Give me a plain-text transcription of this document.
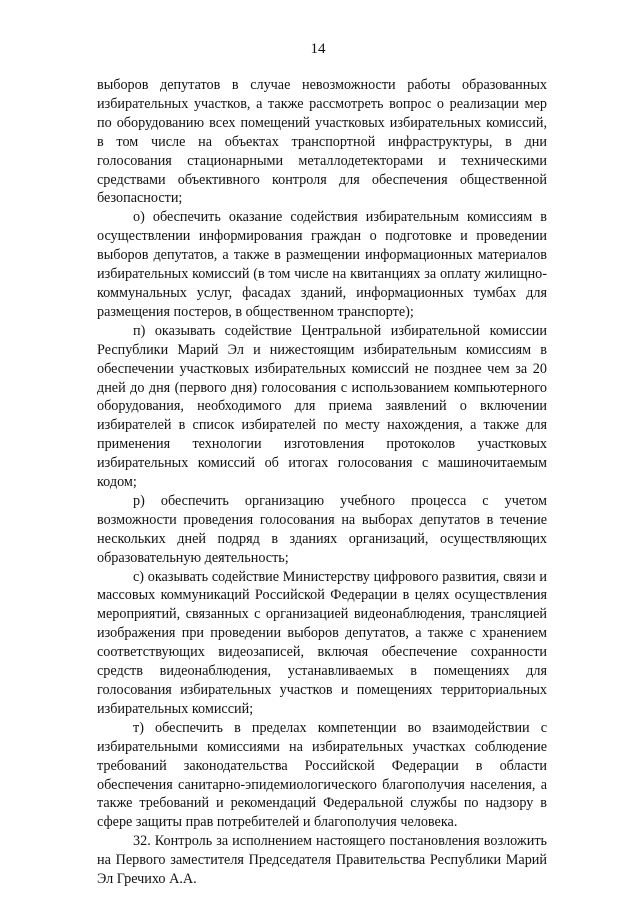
14

выборов депутатов в случае невозможности работы образованных избирательных участков, а также рассмотреть вопрос о реализации мер по оборудованию всех помещений участковых избирательных комиссий, в том числе на объектах транспортной инфраструктуры, в дни голосования стационарными металлодетекторами и техническими средствами объективного контроля для обеспечения общественной безопасности;

о) обеспечить оказание содействия избирательным комиссиям в осуществлении информирования граждан о подготовке и проведении выборов депутатов, а также в размещении информационных материалов избирательных комиссий (в том числе на квитанциях за оплату жилищно-коммунальных услуг, фасадах зданий, информационных тумбах для размещения постеров, в общественном транспорте);

п) оказывать содействие Центральной избирательной комиссии Республики Марий Эл и нижестоящим избирательным комиссиям в обеспечении участковых избирательных комиссий не позднее чем за 20 дней до дня (первого дня) голосования с использованием компьютерного оборудования, необходимого для приема заявлений о включении избирателей в список избирателей по месту нахождения, а также для применения технологии изготовления протоколов участковых избирательных комиссий об итогах голосования с машиночитаемым кодом;

р) обеспечить организацию учебного процесса с учетом возможности проведения голосования на выборах депутатов в течение нескольких дней подряд в зданиях организаций, осуществляющих образовательную деятельность;

с) оказывать содействие Министерству цифрового развития, связи и массовых коммуникаций Российской Федерации в целях осуществления мероприятий, связанных с организацией видеонаблюдения, трансляцией изображения при проведении выборов депутатов, а также с хранением соответствующих видеозаписей, включая обеспечение сохранности средств видеонаблюдения, устанавливаемых в помещениях для голосования избирательных участков и помещениях территориальных избирательных комиссий;

т) обеспечить в пределах компетенции во взаимодействии с избирательными комиссиями на избирательных участках соблюдение требований законодательства Российской Федерации в области обеспечения санитарно-эпидемиологического благополучия населения, а также требований и рекомендаций Федеральной службы по надзору в сфере защиты прав потребителей и благополучия человека.

32. Контроль за исполнением настоящего постановления возложить на Первого заместителя Председателя Правительства Республики Марий Эл Гречихо А.А.
